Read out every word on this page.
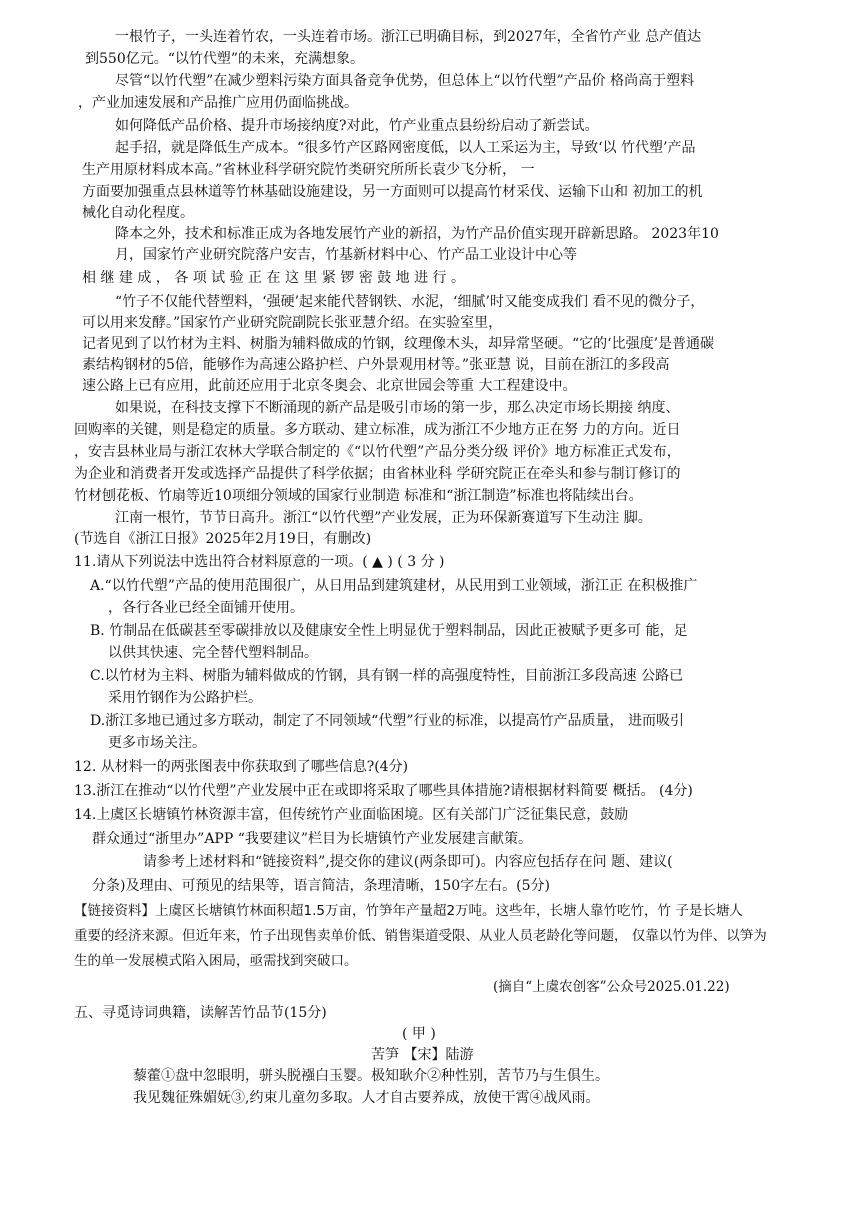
一根竹子，一头连着竹农，一头连着市场。浙江已明确目标，到2027年，全省竹产业 总产值达
到550亿元。“以竹代塑”的未来，充满想象。
尽管“以竹代塑”在减少塑料污染方面具备竞争优势，但总体上“以竹代塑”产品价 格尚高于塑料
，产业加速发展和产品推广应用仍面临挑战。
如何降低产品价格、提升市场接纳度?对此，竹产业重点县纷纷启动了新尝试。
起手招，就是降低生产成本。“很多竹产区路网密度低，以人工采运为主，导致‘以 竹代塑’产品
生产用原材料成本高。”省林业科学研究院竹类研究所所长袁少飞分析， 一
方面要加强重点县林道等竹林基础设施建设，另一方面则可以提高竹材采伐、运输下山和 初加工的机
械化自动化程度。
降本之外，技术和标准正成为各地发展竹产业的新招，为竹产品价值实现开辟新思路。 2023年10
月，国家竹产业研究院落户安吉，竹基新材料中心、竹产品工业设计中心等
相 继 建 成 ， 各 项 试 验 正 在 这 里 紧 锣 密 鼓 地 进 行 。
“竹子不仅能代替塑料，‘强硬’起来能代替钢铁、水泥，‘细腻’时又能变成我们 看不见的微分子，
可以用来发酵。”国家竹产业研究院副院长张亚慧介绍。在实验室里，
记者见到了以竹材为主料、树脂为辅料做成的竹钢，纹理像木头，却异常坚硬。“它的‘比强度’是普通碳
素结构钢材的5倍，能够作为高速公路护栏、户外景观用材等。”张亚慧 说，目前在浙江的多段高
速公路上已有应用，此前还应用于北京冬奥会、北京世园会等重 大工程建设中。
如果说，在科技支撑下不断涌现的新产品是吸引市场的第一步，那么决定市场长期接 纳度、
回购率的关键，则是稳定的质量。多方联动、建立标准，成为浙江不少地方正在努 力的方向。近日
，安吉县林业局与浙江农林大学联合制定的《“以竹代塑”产品分类分级 评价》地方标准正式发布，
为企业和消费者开发或选择产品提供了科学依据；由省林业科 学研究院正在牵头和参与制订修订的
竹材刨花板、竹扇等近10项细分领域的国家行业制造 标准和“浙江制造”标准也将陆续出台。
江南一根竹，节节日高升。浙江“以竹代塑”产业发展，正为环保新赛道写下生动注 脚。
(节选自《浙江日报》2025年2月19日，有删改)
11.请从下列说法中选出符合材料原意的一项。( ▲ ) ( 3 分 )
A.“以竹代塑”产品的使用范围很广，从日用品到建筑建材，从民用到工业领域，浙江正 在积极推广
，各行各业已经全面铺开使用。
B. 竹制品在低碳甚至零碳排放以及健康安全性上明显优于塑料制品，因此正被赋予更多可 能，足
以供其快速、完全替代塑料制品。
C.以竹材为主料、树脂为辅料做成的竹钢，具有钢一样的高强度特性，目前浙江多段高速 公路已
采用竹钢作为公路护栏。
D.浙江多地已通过多方联动，制定了不同领域“代塑”行业的标准，以提高竹产品质量， 进而吸引
更多市场关注。
12. 从材料一的两张图表中你获取到了哪些信息?(4分)
13.浙江在推动“以竹代塑”产业发展中正在或即将采取了哪些具体措施?请根据材料简要 概括。 (4分)
14.上虞区长塘镇竹林资源丰富，但传统竹产业面临困境。区有关部门广泛征集民意，鼓励
群众通过“浙里办”APP “我要建议”栏目为长塘镇竹产业发展建言献策。
请参考上述材料和“链接资料”,提交你的建议(两条即可)。内容应包括存在问 题、建议(
分条)及理由、可预见的结果等，语言简洁，条理清晰，150字左右。(5分)
【链接资料】上虞区长塘镇竹林面积超1.5万亩，竹笋年产量超2万吨。这些年，长塘人靠竹吃竹，竹 子是长塘人
重要的经济来源。但近年来，竹子出现售卖单价低、销售渠道受限、从业人员老龄化等问题， 仅靠以竹为伴、以笋为
生的单一发展模式陷入困局，亟需找到突破口。
(摘自“上虞农创客”公众号2025.01.22)
五、寻觅诗词典籍，读解苦竹品节(15分)
( 甲 )
苦笋 【宋】陆游
藜藿①盘中忽眼明，骈头脱襁白玉婴。极知耿介②种性别，苦节乃与生俱生。
我见魏征殊媚妩③,约束儿童勿多取。人才自古要养成，放使干霄④战风雨。
